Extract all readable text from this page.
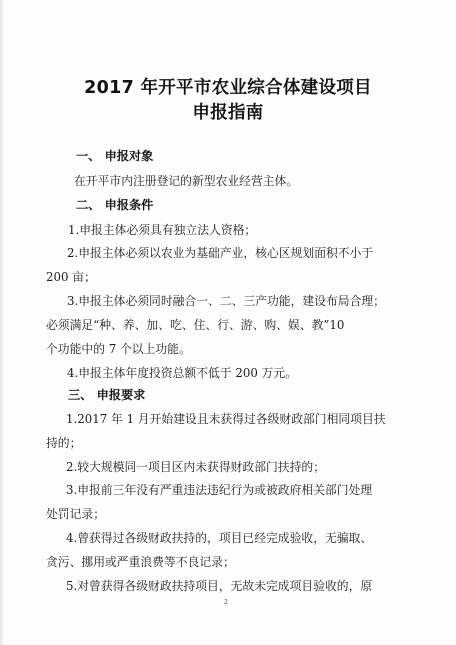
2017 年开平市农业综合体建设项目
申报指南
一、 申报对象
在开平市内注册登记的新型农业经营主体。
二、 申报条件
1.申报主体必须具有独立法人资格；
2.申报主体必须以农业为基础产业，核心区规划面积不小于
200 亩；
3.申报主体必须同时融合一、二、三产功能，建设布局合理；
必须满足“种、养、加、吃、住、行、游、购、娱、教”10
个功能中的 7 个以上功能。
4.申报主体年度投资总额不低于 200 万元。
三、 申报要求
1.2017 年 1 月开始建设且未获得过各级财政部门相同项目扶
持的；
2.较大规模同一项目区内未获得财政部门扶持的；
3.申报前三年没有严重违法违纪行为或被政府相关部门处理
处罚记录；
4.曾获得过各级财政扶持的，项目已经完成验收，无骗取、
贪污、挪用或严重浪费等不良记录；
5.对曾获得各级财政扶持项目，无故未完成项目验收的，原
2
